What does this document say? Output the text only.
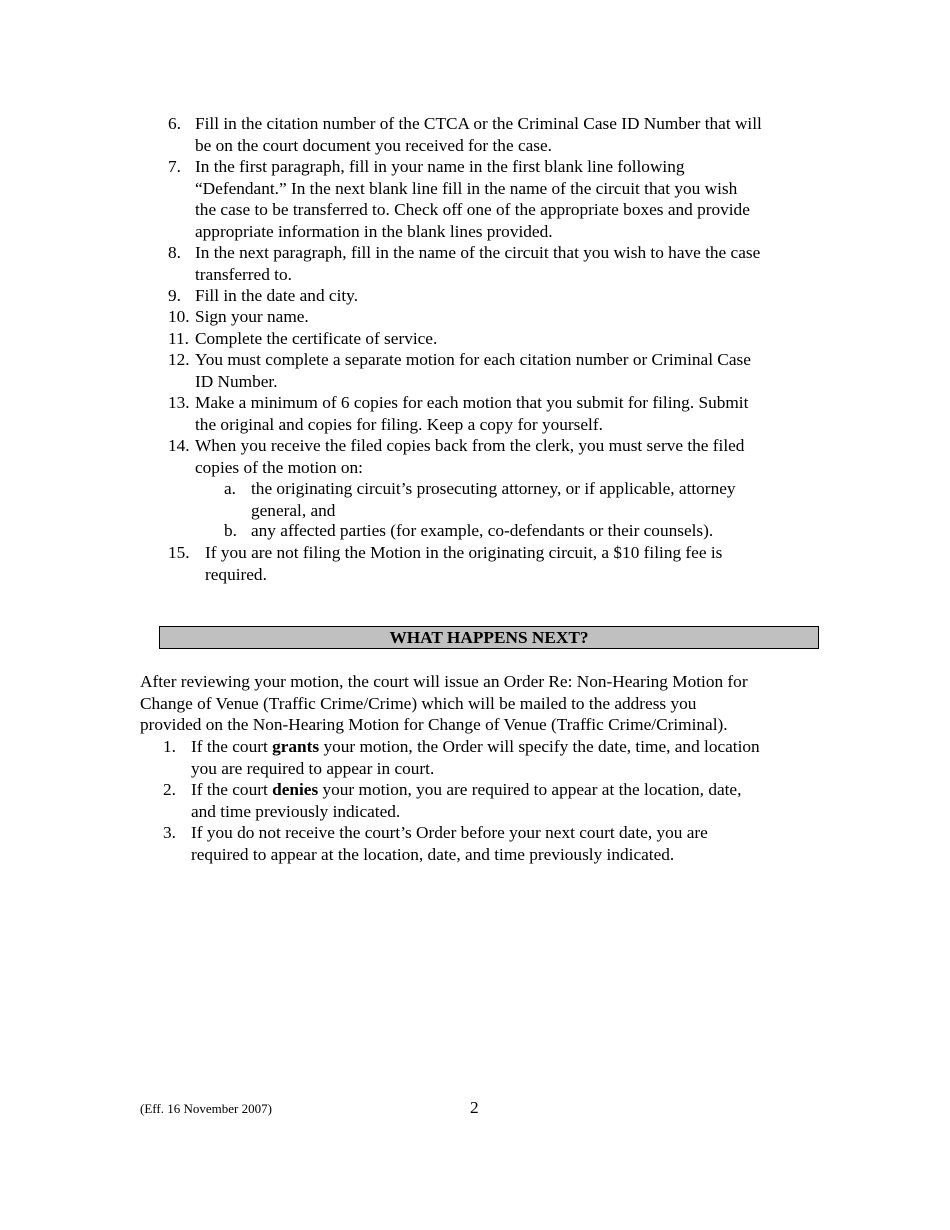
6. Fill in the citation number of the CTCA or the Criminal Case ID Number that will
be on the court document you received for the case.
7. In the first paragraph, fill in your name in the first blank line following
“Defendant.” In the next blank line fill in the name of the circuit that you wish
the case to be transferred to. Check off one of the appropriate boxes and provide
appropriate information in the blank lines provided.
8. In the next paragraph, fill in the name of the circuit that you wish to have the case
transferred to.
9. Fill in the date and city.
10. Sign your name.
11. Complete the certificate of service.
12. You must complete a separate motion for each citation number or Criminal Case
ID Number.
13. Make a minimum of 6 copies for each motion that you submit for filing. Submit
the original and copies for filing. Keep a copy for yourself.
14. When you receive the filed copies back from the clerk, you must serve the filed
copies of the motion on:
a. the originating circuit’s prosecuting attorney, or if applicable, attorney
general, and
b. any affected parties (for example, co-defendants or their counsels).
15. If you are not filing the Motion in the originating circuit, a $10 filing fee is
required.
WHAT HAPPENS NEXT?
After reviewing your motion, the court will issue an Order Re: Non-Hearing Motion for
Change of Venue (Traffic Crime/Crime) which will be mailed to the address you
provided on the Non-Hearing Motion for Change of Venue (Traffic Crime/Criminal).
1. If the court grants your motion, the Order will specify the date, time, and location
you are required to appear in court.
2. If the court denies your motion, you are required to appear at the location, date,
and time previously indicated.
3. If you do not receive the court’s Order before your next court date, you are
required to appear at the location, date, and time previously indicated.
(Eff. 16 November 2007)	2
